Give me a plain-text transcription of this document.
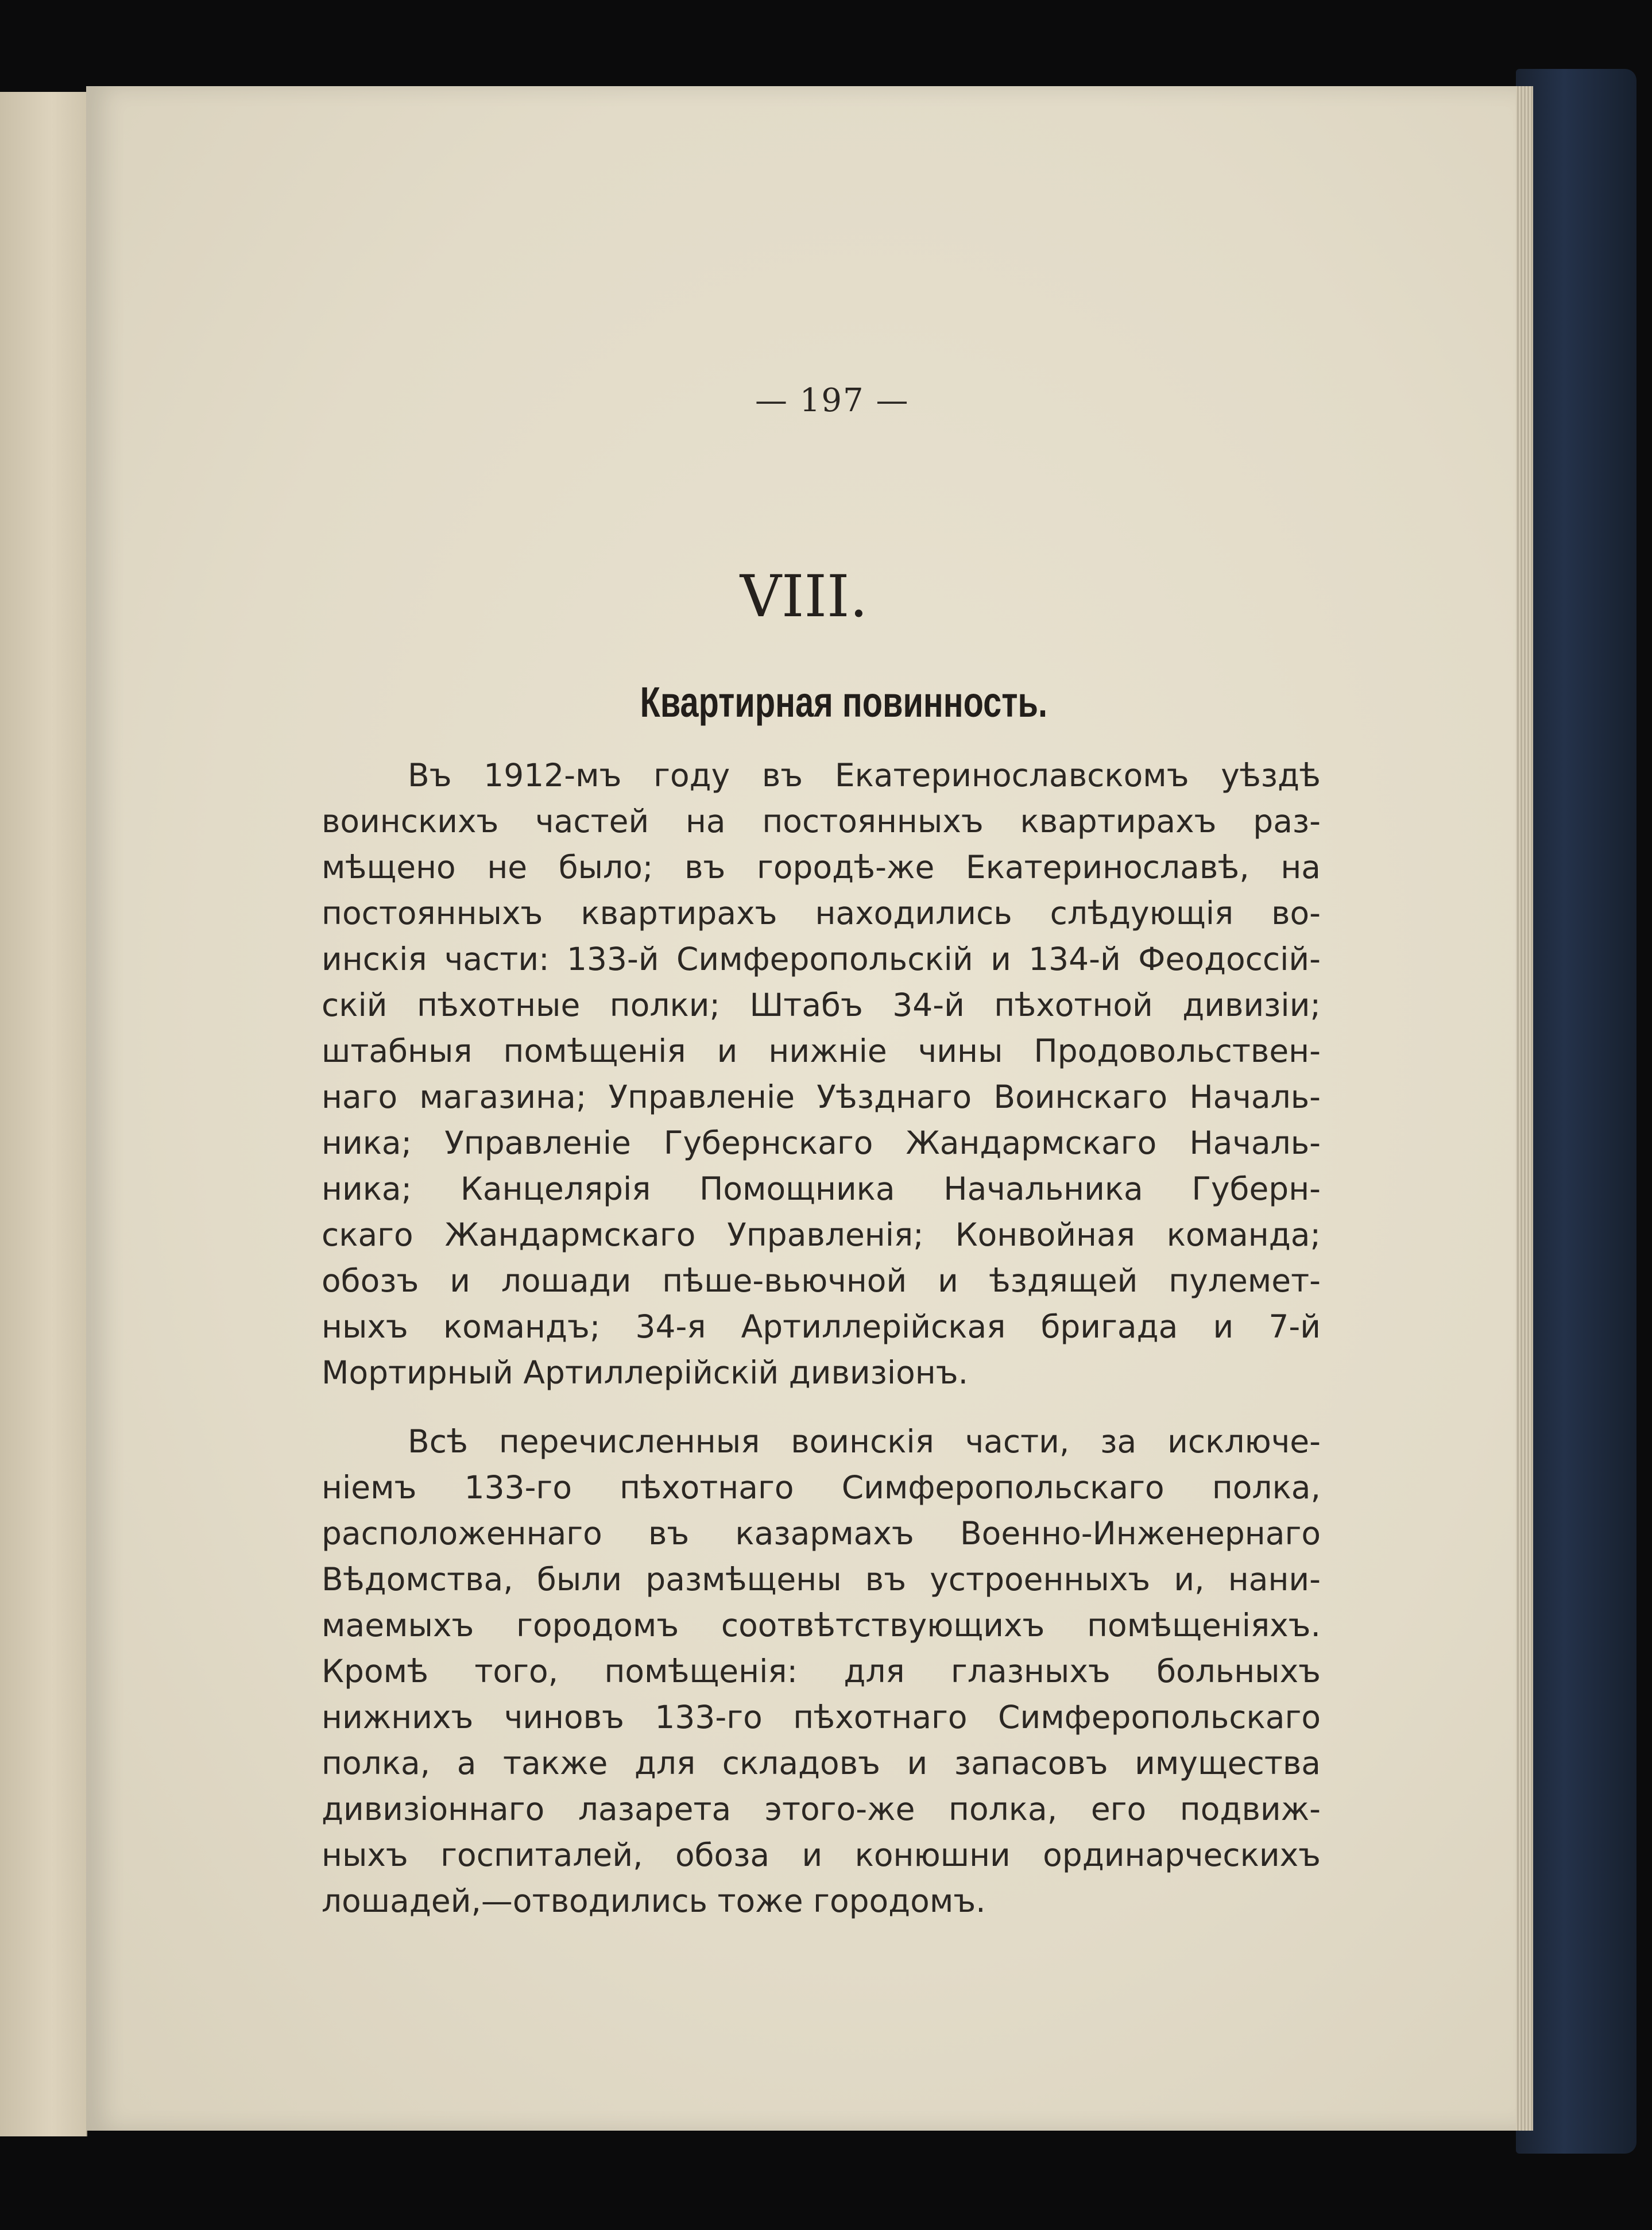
— 197 —
VIII.
Квартирная повинность.
Въ 1912-мъ году въ Екатеринославскомъ уѣздѣ
воинскихъ частей на постоянныхъ квартирахъ раз-
мѣщено не было; въ городѣ-же Екатеринославѣ, на
постоянныхъ квартирахъ находились слѣдующія во-
инскія части: 133-й Симферопольскій и 134-й Феодоссій-
скій пѣхотные полки; Штабъ 34-й пѣхотной дивизіи;
штабныя помѣщенія и нижніе чины Продовольствен-
наго магазина; Управленіе Уѣзднаго Воинскаго Началь-
ника; Управленіе Губернскаго Жандармскаго Началь-
ника; Канцелярія Помощника Начальника Губерн-
скаго Жандармскаго Управленія; Конвойная команда;
обозъ и лошади пѣше-вьючной и ѣздящей пулемет-
ныхъ командъ; 34-я Артиллерійская бригада и 7-й
Мортирный Артиллерійскій дивизіонъ.
Всѣ перечисленныя воинскія части, за исключе-
ніемъ 133-го пѣхотнаго Симферопольскаго полка,
расположеннаго въ казармахъ Военно-Инженернаго
Вѣдомства, были размѣщены въ устроенныхъ и, нани-
маемыхъ городомъ соотвѣтствующихъ помѣщеніяхъ.
Кромѣ того, помѣщенія: для глазныхъ больныхъ
нижнихъ чиновъ 133-го пѣхотнаго Симферопольскаго
полка, а также для складовъ и запасовъ имущества
дивизіоннаго лазарета этого-же полка, его подвиж-
ныхъ госпиталей, обоза и конюшни ординарческихъ
лошадей,—отводились тоже городомъ.
